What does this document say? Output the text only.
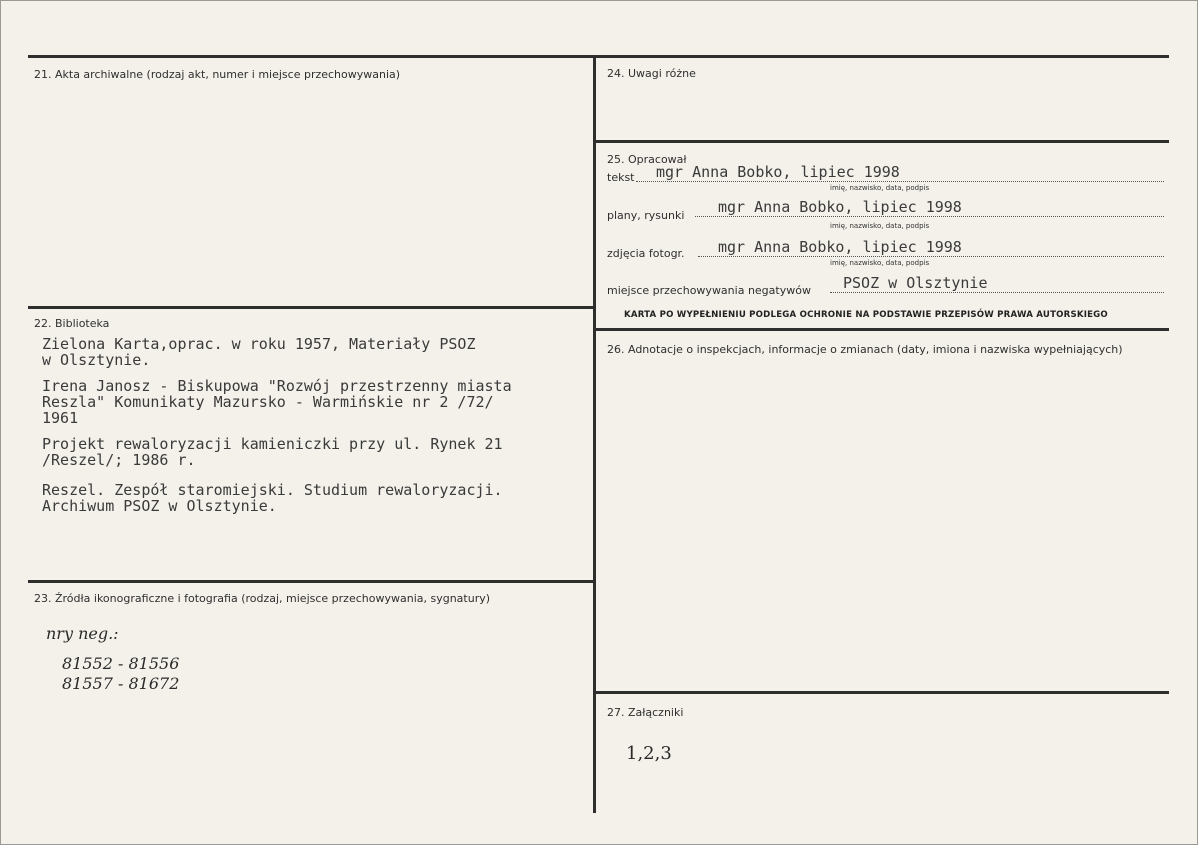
21. Akta archiwalne (rodzaj akt, numer i miejsce przechowywania)
22. Biblioteka
Zielona Karta,oprac. w roku 1957, Materiały PSOZ
w Olsztynie.
Irena Janosz - Biskupowa "Rozwój przestrzenny miasta
Reszla" Komunikaty Mazursko - Warmińskie nr 2 /72/
1961
Projekt rewaloryzacji kamieniczki przy ul. Rynek 21
/Reszel/; 1986 r.
Reszel. Zespół staromiejski. Studium rewaloryzacji.
Archiwum PSOZ w Olsztynie.
23. Źródła ikonograficzne i fotografia (rodzaj, miejsce przechowywania, sygnatury)
nry neg.:
81552 - 81556
81557 - 81672
24. Uwagi różne
25. Opracował
tekst mgr Anna Bobko, lipiec 1998
imię, nazwisko, data, podpis
plany, rysunki mgr Anna Bobko, lipiec 1998
imię, nazwisko, data, podpis
zdjęcia fotogr. mgr Anna Bobko, lipiec 1998
imię, nazwisko, data, podpis
miejsce przechowywania negatywów PSOZ w Olsztynie
KARTA PO WYPEŁNIENIU PODLEGA OCHRONIE NA PODSTAWIE PRZEPISÓW PRAWA AUTORSKIEGO
26. Adnotacje o inspekcjach, informacje o zmianach (daty, imiona i nazwiska wypełniających)
27. Załączniki
1,2,3
